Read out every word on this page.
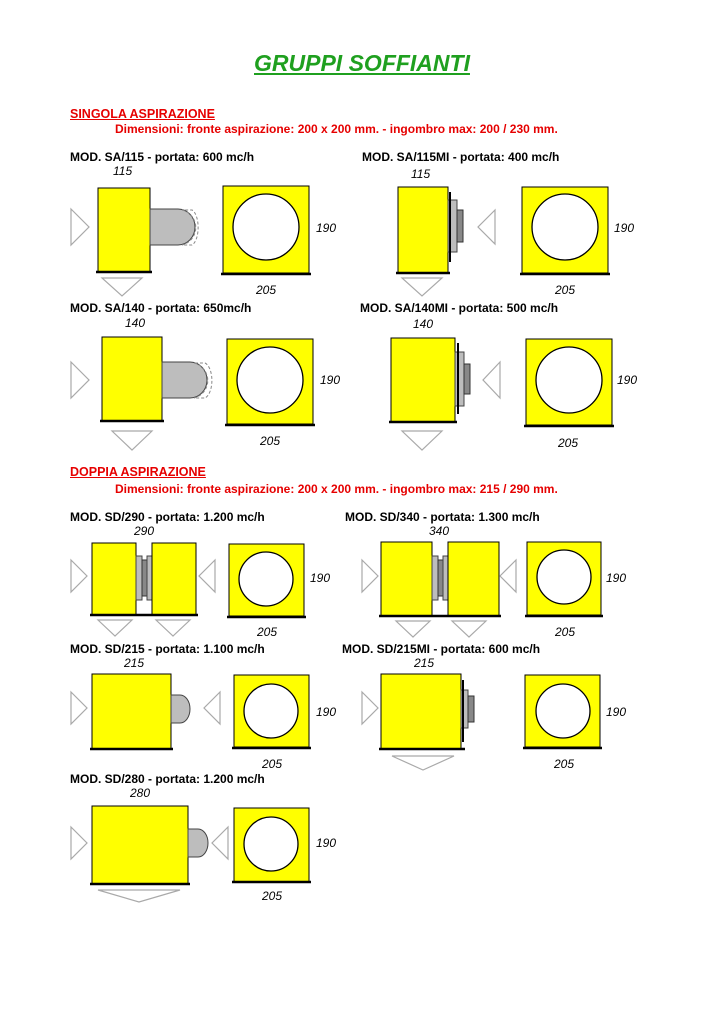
GRUPPI SOFFIANTI
SINGOLA ASPIRAZIONE
Dimensioni: fronte aspirazione: 200 x 200 mm. - ingombro max: 200 / 230 mm.
DOPPIA ASPIRAZIONE
Dimensioni: fronte aspirazione: 200 x 200 mm. - ingombro max: 215 / 290 mm.
MOD. SA/115 - portata: 600 mc/h
115
190
205
MOD. SA/115MI - portata: 400 mc/h
115
190
205
MOD. SA/140 - portata: 650mc/h
140
190
205
MOD. SA/140MI - portata: 500 mc/h
140
190
205
MOD. SD/290 - portata: 1.200 mc/h
290
190
205
MOD. SD/340 - portata: 1.300 mc/h
340
190
205
MOD. SD/215 - portata: 1.100 mc/h
215
190
205
MOD. SD/215MI - portata: 600 mc/h
215
190
205
MOD. SD/280 - portata: 1.200 mc/h
280
190
205
